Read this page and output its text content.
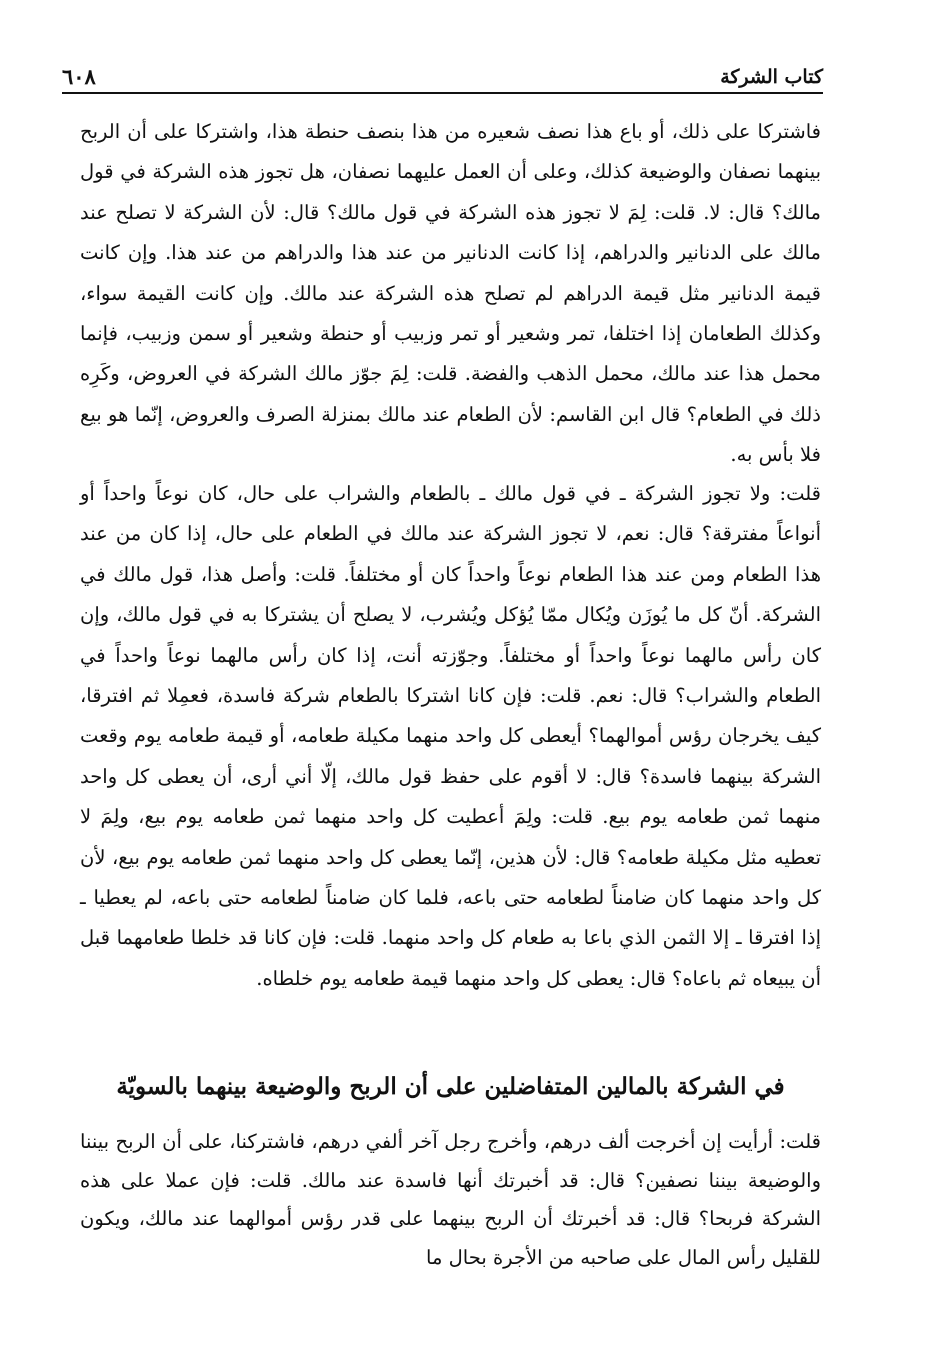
كتاب الشركة
٦٠٨

فاشتركا على ذلك، أو باع هذا نصف شعيره من هذا بنصف حنطة هذا، واشتركا على أن الربح بينهما نصفان والوضيعة كذلك، وعلى أن العمل عليهما نصفان، هل تجوز هذه الشركة في قول مالك؟ قال: لا. قلت: لِمَ لا تجوز هذه الشركة في قول مالك؟ قال: لأن الشركة لا تصلح عند مالك على الدنانير والدراهم، إذا كانت الدنانير من عند هذا والدراهم من عند هذا. وإن كانت قيمة الدنانير مثل قيمة الدراهم لم تصلح هذه الشركة عند مالك. وإن كانت القيمة سواء، وكذلك الطعامان إذا اختلفا، تمر وشعير أو تمر وزبيب أو حنطة وشعير أو سمن وزبيب، فإنما محمل هذا عند مالك، محمل الذهب والفضة. قلت: لِمَ جوّز مالك الشركة في العروض، وكَرِه ذلك في الطعام؟ قال ابن القاسم: لأن الطعام عند مالك بمنزلة الصرف والعروض، إنّما هو بيع فلا بأس به.

قلت: ولا تجوز الشركة ـ في قول مالك ـ بالطعام والشراب على حال، كان نوعاً واحداً أو أنواعاً مفترقة؟ قال: نعم، لا تجوز الشركة عند مالك في الطعام على حال، إذا كان من عند هذا الطعام ومن عند هذا الطعام نوعاً واحداً كان أو مختلفاً. قلت: وأصل هذا، قول مالك في الشركة. أنّ كل ما يُوزَن ويُكال ممّا يُؤكل ويُشرب، لا يصلح أن يشتركا به في قول مالك، وإن كان رأس مالهما نوعاً واحداً أو مختلفاً. وجوّزته أنت، إذا كان رأس مالهما نوعاً واحداً في الطعام والشراب؟ قال: نعم. قلت: فإن كانا اشتركا بالطعام شركة فاسدة، فعمِلا ثم افترقا، كيف يخرجان رؤس أموالهما؟ أيعطى كل واحد منهما مكيلة طعامه، أو قيمة طعامه يوم وقعت الشركة بينهما فاسدة؟ قال: لا أقوم على حفظ قول مالك، إلّا أني أرى، أن يعطى كل واحد منهما ثمن طعامه يوم بيع. قلت: ولِمَ أعطيت كل واحد منهما ثمن طعامه يوم بيع، ولِمَ لا تعطيه مثل مكيلة طعامه؟ قال: لأن هذين، إنّما يعطى كل واحد منهما ثمن طعامه يوم بيع، لأن كل واحد منهما كان ضامناً لطعامه حتى باعه، فلما كان ضامناً لطعامه حتى باعه، لم يعطيا ـ إذا افترقا ـ إلا الثمن الذي باعا به طعام كل واحد منهما. قلت: فإن كانا قد خلطا طعامهما قبل أن يبيعاه ثم باعاه؟ قال: يعطى كل واحد منهما قيمة طعامه يوم خلطاه.

في الشركة بالمالين المتفاضلين على أن الربح والوضيعة بينهما بالسويّة

قلت: أرأيت إن أخرجت ألف درهم، وأخرج رجل آخر ألفي درهم، فاشتركنا، على أن الربح بيننا والوضيعة بيننا نصفين؟ قال: قد أخبرتك أنها فاسدة عند مالك. قلت: فإن عملا على هذه الشركة فربحا؟ قال: قد أخبرتك أن الربح بينهما على قدر رؤس أموالهما عند مالك، ويكون للقليل رأس المال على صاحبه من الأجرة بحال ما
